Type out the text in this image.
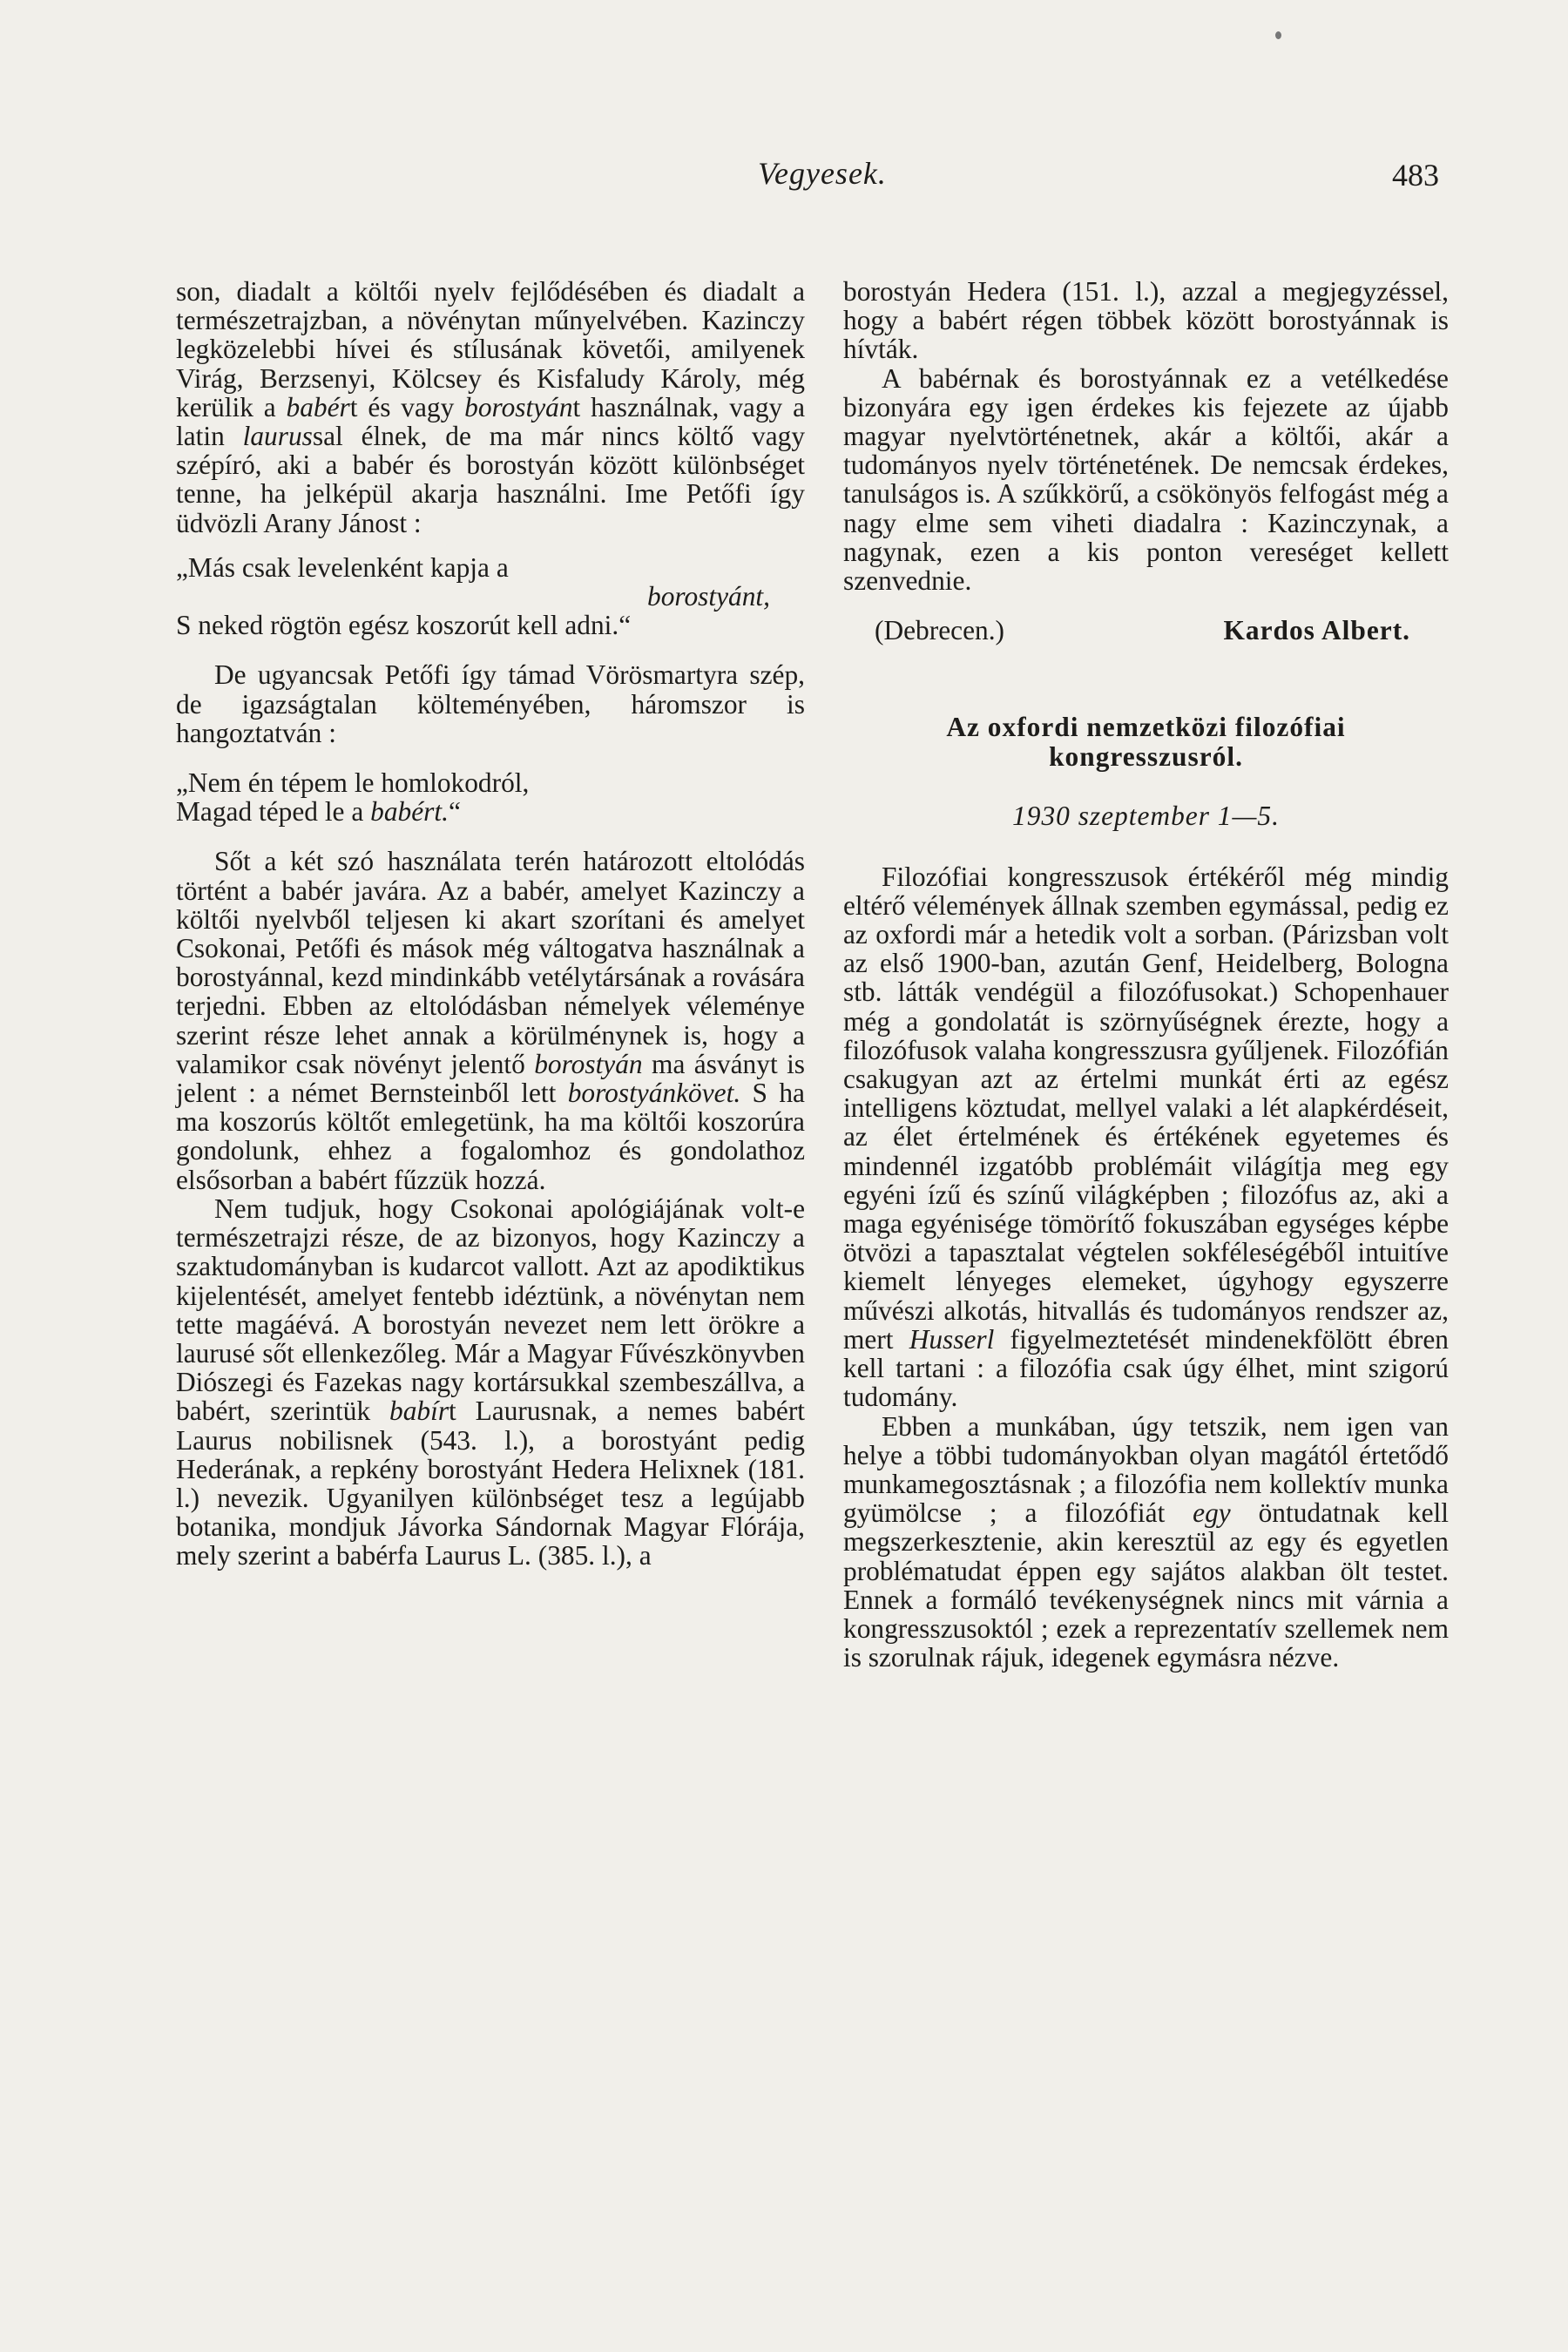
Vegyesek.	483

son, diadalt a költői nyelv fejlődésében és diadalt a természetrajzban, a növénytan műnyelvében. Kazinczy legközelebbi hívei és stílusának követői, amilyenek Virág, Berzsenyi, Kölcsey és Kisfaludy Károly, még kerülik a babért és vagy borostyánt használnak, vagy a latin laurussal élnek, de ma már nincs költő vagy szépíró, aki a babér és borostyán között különbséget tenne, ha jelképül akarja használni. Ime Petőfi így üdvözli Arany Jánost :

„Más csak levelenként kapja a
borostyánt,
S neked rögtön egész koszorút kell adni.“

De ugyancsak Petőfi így támad Vörösmartyra szép, de igazságtalan költeményében, háromszor is hangoztatván :

„Nem én tépem le homlokodról,
Magad téped le a babért.“

Sőt a két szó használata terén határozott eltolódás történt a babér javára. Az a babér, amelyet Kazinczy a költői nyelvből teljesen ki akart szorítani és amelyet Csokonai, Petőfi és mások még váltogatva használnak a borostyánnal, kezd mindinkább vetélytársának a rovására terjedni. Ebben az eltolódásban némelyek véleménye szerint része lehet annak a körülménynek is, hogy a valamikor csak növényt jelentő borostyán ma ásványt is jelent : a német Bernsteinből lett borostyánkövet. S ha ma koszorús költőt emlegetünk, ha ma költői koszorúra gondolunk, ehhez a fogalomhoz és gondolathoz elsősorban a babért fűzzük hozzá.

Nem tudjuk, hogy Csokonai apológiájának volt-e természetrajzi része, de az bizonyos, hogy Kazinczy a szaktudományban is kudarcot vallott. Azt az apodiktikus kijelentését, amelyet fentebb idéztünk, a növénytan nem tette magáévá. A borostyán nevezet nem lett örökre a laurusé sőt ellenkezőleg. Már a Magyar Fűvészkönyvben Diószegi és Fazekas nagy kortársukkal szembeszállva, a babért, szerintük babírt Laurusnak, a nemes babért Laurus nobilisnek (543. l.), a borostyánt pedig Hederának, a repkény borostyánt Hedera Helixnek (181. l.) nevezik. Ugyanilyen különbséget tesz a legújabb botanika, mondjuk Jávorka Sándornak Magyar Flórája, mely szerint a babérfa Laurus L. (385. l.), a

borostyán Hedera (151. l.), azzal a megjegyzéssel, hogy a babért régen többek között borostyánnak is hívták.

A babérnak és borostyánnak ez a vetélkedése bizonyára egy igen érdekes kis fejezete az újabb magyar nyelvtörténetnek, akár a költői, akár a tudományos nyelv történetének. De nemcsak érdekes, tanulságos is. A szűkkörű, a csökönyös felfogást még a nagy elme sem viheti diadalra : Kazinczynak, a nagynak, ezen a kis ponton vereséget kellett szenvednie.

(Debrecen.)	Kardos Albert.
Az oxfordi nemzetközi filozófiai
kongresszusról.
1930 szeptember 1—5.

Filozófiai kongresszusok értékéről még mindig eltérő vélemények állnak szemben egymással, pedig ez az oxfordi már a hetedik volt a sorban. (Párizsban volt az első 1900-ban, azután Genf, Heidelberg, Bologna stb. látták vendégül a filozófusokat.) Schopenhauer még a gondolatát is szörnyűségnek érezte, hogy a filozófusok valaha kongresszusra gyűljenek. Filozófián csakugyan azt az értelmi munkát érti az egész intelligens köztudat, mellyel valaki a lét alapkérdéseit, az élet értelmének és értékének egyetemes és mindennél izgatóbb problémáit világítja meg egy egyéni ízű és színű világképben ; filozófus az, aki a maga egyénisége tömörítő fokuszában egységes képbe ötvözi a tapasztalat végtelen sokféleségéből intuitíve kiemelt lényeges elemeket, úgyhogy egyszerre művészi alkotás, hitvallás és tudományos rendszer az, mert Husserl figyelmeztetését mindenekfölött ébren kell tartani : a filozófia csak úgy élhet, mint szigorú tudomány.

Ebben a munkában, úgy tetszik, nem igen van helye a többi tudományokban olyan magától értetődő munkamegosztásnak ; a filozófia nem kollektív munka gyümölcse ; a filozófiát egy öntudatnak kell megszerkesztenie, akin keresztül az egy és egyetlen problématudat éppen egy sajátos alakban ölt testet. Ennek a formáló tevékenységnek nincs mit várnia a kongresszusoktól ; ezek a reprezentatív szellemek nem is szorulnak rájuk, idegenek egymásra nézve.
